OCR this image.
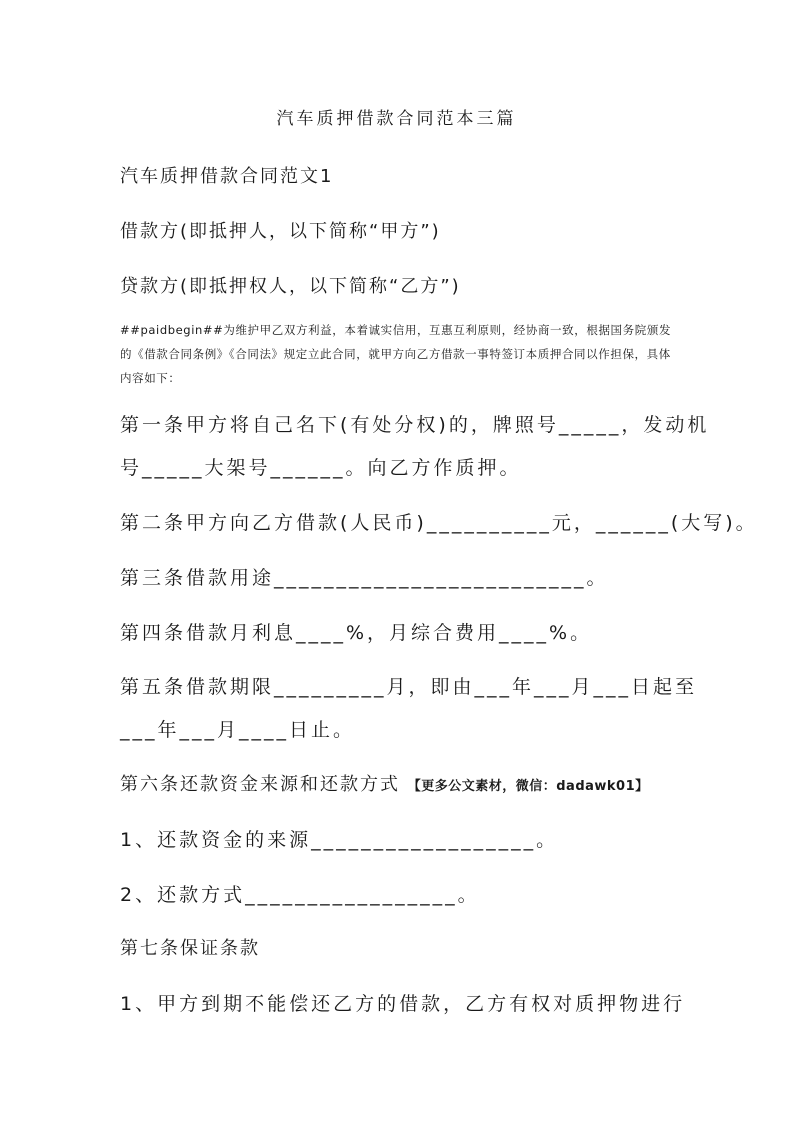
汽车质押借款合同范本三篇
汽车质押借款合同范文1
借款方(即抵押人，以下简称“甲方”)
贷款方(即抵押权人，以下简称“乙方”)
##paidbegin##为维护甲乙双方利益，本着诚实信用，互惠互利原则，经协商一致，根据国务院颁发的《借款合同条例》《合同法》规定立此合同，就甲方向乙方借款一事特签订本质押合同以作担保，具体内容如下：
第一条甲方将自己名下(有处分权)的，牌照号_____，发动机
号_____大架号______。向乙方作质押。
第二条甲方向乙方借款(人民币)__________元，______(大写)。
第三条借款用途_________________________。
第四条借款月利息____%，月综合费用____%。
第五条借款期限_________月，即由___年___月___日起至
___年___月____日止。
第六条还款资金来源和还款方式 【更多公文素材，微信：dadawk01】
1、还款资金的来源__________________。
2、还款方式_________________。
第七条保证条款
1、甲方到期不能偿还乙方的借款，乙方有权对质押物进行
